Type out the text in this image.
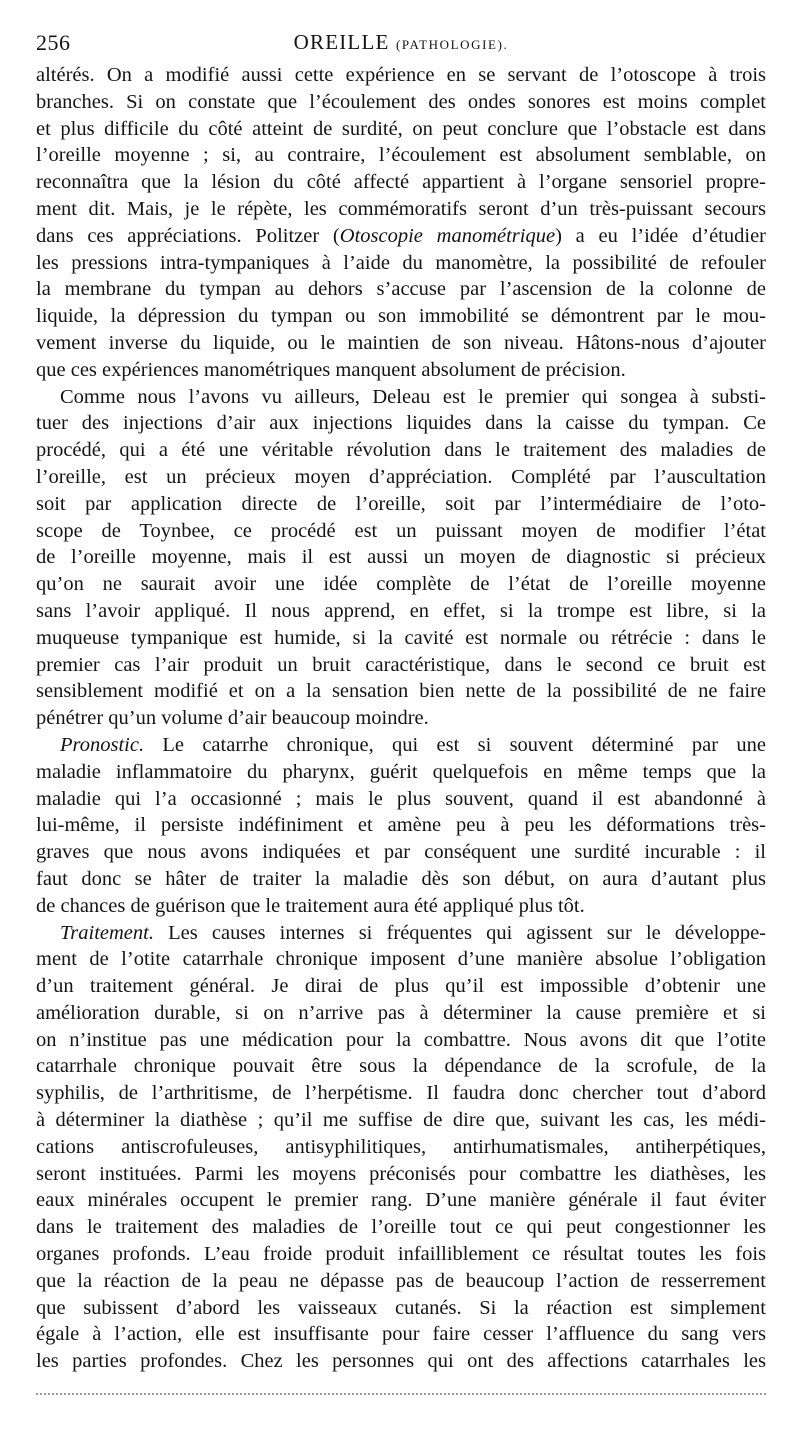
256	OREILLE (PATHOLOGIE).
altérés. On a modifié aussi cette expérience en se servant de l’otoscope à trois
branches. Si on constate que l’écoulement des ondes sonores est moins complet
et plus difficile du côté atteint de surdité, on peut conclure que l’obstacle est dans
l’oreille moyenne ; si, au contraire, l’écoulement est absolument semblable, on
reconnaîtra que la lésion du côté affecté appartient à l’organe sensoriel propre-
ment dit. Mais, je le répète, les commémoratifs seront d’un très-puissant secours
dans ces appréciations. Politzer (Otoscopie manométrique) a eu l’idée d’étudier
les pressions intra-tympaniques à l’aide du manomètre, la possibilité de refouler
la membrane du tympan au dehors s’accuse par l’ascension de la colonne de
liquide, la dépression du tympan ou son immobilité se démontrent par le mou-
vement inverse du liquide, ou le maintien de son niveau. Hâtons-nous d’ajouter
que ces expériences manométriques manquent absolument de précision.
Comme nous l’avons vu ailleurs, Deleau est le premier qui songea à substi-
tuer des injections d’air aux injections liquides dans la caisse du tympan. Ce
procédé, qui a été une véritable révolution dans le traitement des maladies de
l’oreille, est un précieux moyen d’appréciation. Complété par l’auscultation
soit par application directe de l’oreille, soit par l’intermédiaire de l’oto-
scope de Toynbee, ce procédé est un puissant moyen de modifier l’état
de l’oreille moyenne, mais il est aussi un moyen de diagnostic si précieux
qu’on ne saurait avoir une idée complète de l’état de l’oreille moyenne
sans l’avoir appliqué. Il nous apprend, en effet, si la trompe est libre, si la
muqueuse tympanique est humide, si la cavité est normale ou rétrécie : dans le
premier cas l’air produit un bruit caractéristique, dans le second ce bruit est
sensiblement modifié et on a la sensation bien nette de la possibilité de ne faire
pénétrer qu’un volume d’air beaucoup moindre.
Pronostic. Le catarrhe chronique, qui est si souvent déterminé par une
maladie inflammatoire du pharynx, guérit quelquefois en même temps que la
maladie qui l’a occasionné ; mais le plus souvent, quand il est abandonné à
lui-même, il persiste indéfiniment et amène peu à peu les déformations très-
graves que nous avons indiquées et par conséquent une surdité incurable : il
faut donc se hâter de traiter la maladie dès son début, on aura d’autant plus
de chances de guérison que le traitement aura été appliqué plus tôt.
Traitement. Les causes internes si fréquentes qui agissent sur le développe-
ment de l’otite catarrhale chronique imposent d’une manière absolue l’obligation
d’un traitement général. Je dirai de plus qu’il est impossible d’obtenir une
amélioration durable, si on n’arrive pas à déterminer la cause première et si
on n’institue pas une médication pour la combattre. Nous avons dit que l’otite
catarrhale chronique pouvait être sous la dépendance de la scrofule, de la
syphilis, de l’arthritisme, de l’herpétisme. Il faudra donc chercher tout d’abord
à déterminer la diathèse ; qu’il me suffise de dire que, suivant les cas, les médi-
cations antiscrofuleuses, antisyphilitiques, antirhumatismales, antiherpétiques,
seront instituées. Parmi les moyens préconisés pour combattre les diathèses, les
eaux minérales occupent le premier rang. D’une manière générale il faut éviter
dans le traitement des maladies de l’oreille tout ce qui peut congestionner les
organes profonds. L’eau froide produit infailliblement ce résultat toutes les fois
que la réaction de la peau ne dépasse pas de beaucoup l’action de resserrement
que subissent d’abord les vaisseaux cutanés. Si la réaction est simplement
égale à l’action, elle est insuffisante pour faire cesser l’affluence du sang vers
les parties profondes. Chez les personnes qui ont des affections catarrhales les
